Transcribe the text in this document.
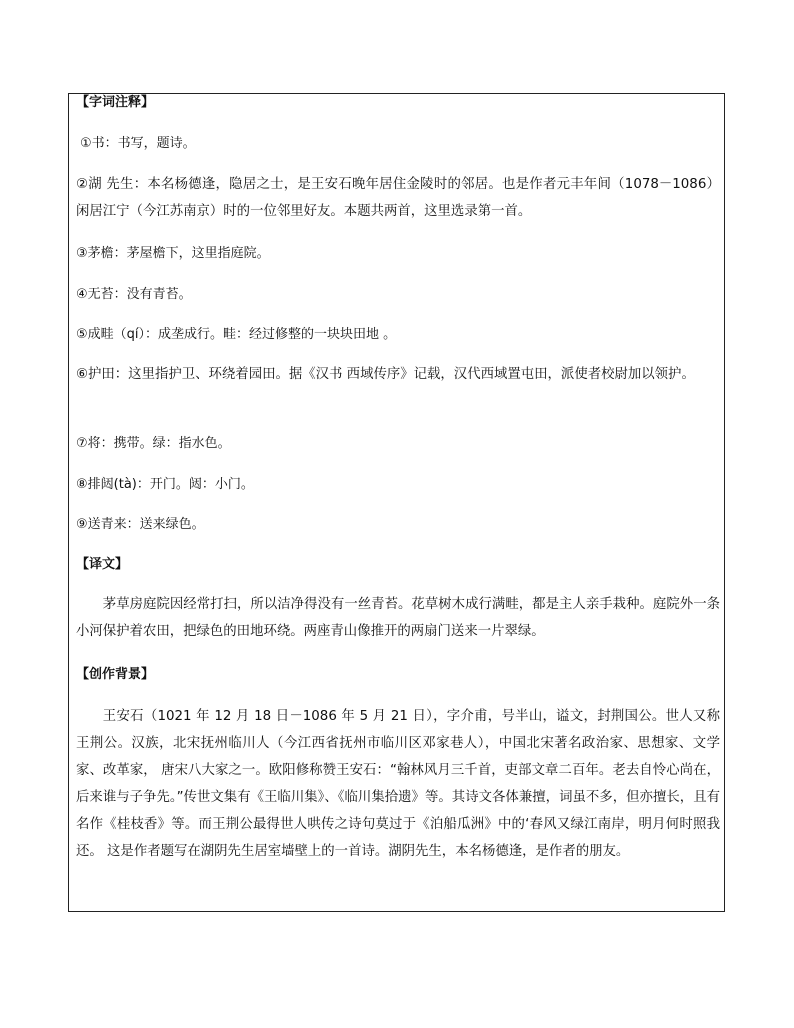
【字词注释】
①书：书写，题诗。
②湖 先生：本名杨德逢，隐居之士，是王安石晚年居住金陵时的邻居。也是作者元丰年间（1078－1086）闲居江宁（今江苏南京）时的一位邻里好友。本题共两首，这里选录第一首。
③茅檐：茅屋檐下，这里指庭院。
④无苔：没有青苔。
⑤成畦（qí）：成垄成行。畦：经过修整的一块块田地 。
⑥护田：这里指护卫、环绕着园田。据《汉书 西域传序》记载，汉代西域置屯田，派使者校尉加以领护。
⑦将：携带。绿：指水色。
⑧排闼(tà)：开门。闼：小门。
⑨送青来：送来绿色。
【译文】
茅草房庭院因经常打扫，所以洁净得没有一丝青苔。花草树木成行满畦，都是主人亲手栽种。庭院外一条 小河保护着农田，把绿色的田地环绕。两座青山像推开的两扇门送来一片翠绿。
【创作背景】
王安石（1021 年 12 月 18 日－1086 年 5 月 21 日），字介甫，号半山，谥文，封荆国公。世人又称王荆公。汉族，北宋抚州临川人（今江西省抚州市临川区邓家巷人），中国北宋著名政治家、思想家、文学家、改革家， 唐宋八大家之一。欧阳修称赞王安石：“翰林风月三千首，吏部文章二百年。老去自怜心尚在，后来谁与子争先。”传世文集有《王临川集》、《临川集拾遗》等。其诗文各体兼擅，词虽不多，但亦擅长，且有名作《桂枝香》等。而王荆公最得世人哄传之诗句莫过于《泊船瓜洲》中的‘春风又绿江南岸，明月何时照我还。 这是作者题写在湖阴先生居室墙壁上的一首诗。湖阴先生，本名杨德逢，是作者的朋友。
